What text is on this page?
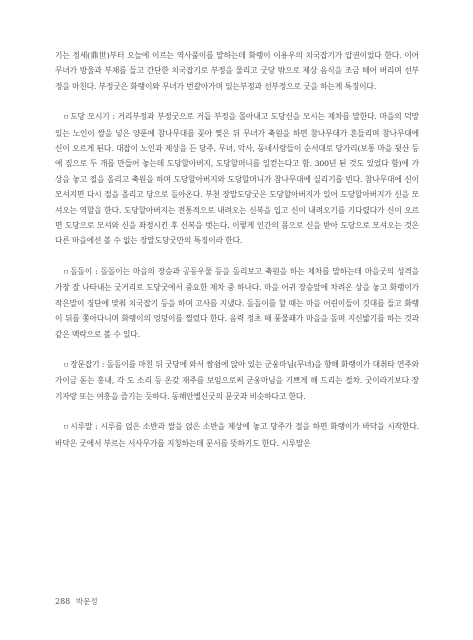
기는 정세(鼎世)부터 오늘에 이르는 역사풀이를 말하는데 화랭이 이용우의 치국잡기가 압권이었다 한다. 이어 무녀가 방울과 부채를 들고 간단한 치국잡기로 부정을 물리고 굿당 밖으로 제상 음식을 조금 떼어 버리며 선부정을 마친다. 부정굿은 화랭이와 무녀가 번갈아가며 있는부정과 선부정으로 굿을 하는게 특징이다.

ㅁ도당 모시기 : 거리부정과 부정굿으로 거듭 부정을 몰아내고 도당신을 모시는 제차를 말한다. 마을의 덕망 있는 노인이 쌀을 넣은 양푼에 참나무대를 꽂아 찢은 뒤 무녀가 축원을 하면 참나무대가 흔들리며 참나무대에 신이 오르게 된다. 대잡이 노인과 제상을 든 당주, 무녀, 악사, 동네사람들이 순서대로 당가리(보통 마을 뒷산 등에 짚으로 두 개를 만들어 놓는데 도당할아버지, 도당할머니를 일컫는다고 함. 300년 된 것도 있었다 함)에 가 상을 놓고 절을 올리고 축원을 하며 도당할아버지와 도당할머니가 참나무대에 실리기를 빈다. 참나무대에 신이 모셔지면 다시 절을 올리고 당으로 돌아온다. 부천 장말도당굿은 도당할아버지가 있어 도당할아버지가 신을 모셔오는 역할을 한다. 도당할아버지는 전통적으로 내려오는 신복을 입고 신이 내려오기를 기다렸다가 신이 오르면 도당으로 모셔와 신을 좌정시킨 후 신복을 벗는다. 이렇게 인간의 몸으로 신을 받아 도당으로 모셔오는 것은 다른 마을에선 볼 수 없는 장말도당굿만의 특징이라 한다.

ㅁ돌돌이 : 돌돌이는 마을의 장승과 공동우물 등을 돌리보고 축원을 하는 제차를 말하는데 마을굿의 성격을 가장 잘 나타내는 굿거리로 도당굿에서 중요한 제차 중 하나다. 마을 어귀 장승앞에 차려온 상을 놓고 화랭이가 작은말이 징단에 맞춰 치국잡기 등을 하며 고사를 지냈다. 돌돌이를 할 때는 마을 어린이들이 깃대를 들고 화랭이 뒤를 쫓아다니며 화랭이의 엉덩이를 찔렀다 한다. 음력 정초 때 풍물패가 마을을 돌며 지신밟기를 하는 것과 같은 맥락으로 볼 수 있다.

ㅁ장문잡기 : 돌돌이를 마친 뒤 굿당에 와서 쌈쉼에 앉아 있는 군웅마님(무녀)을 향해 화랭이가 대취타 연주와 가이금 돋는 홍내, 각 도 소리 등 온갖 재주를 보임으로써 군웅마님을 기쁘게 해 드리는 절차. 굿이라기보다 장기자랑 또는 여흥을 즐기는 듯하다. 동해안별신굿의 문굿과 비슷하다고 한다.

ㅁ시루말 : 시루를 얹은 소반과 쌀을 얹은 소반을 제상에 놓고 당주가 절을 하면 화랭이가 바닥을 시작한다. 바닥은 굿에서 부르는 서사무가를 지칭하는데 문서를 뜻하기도 한다. 시루말은

288 박문정
